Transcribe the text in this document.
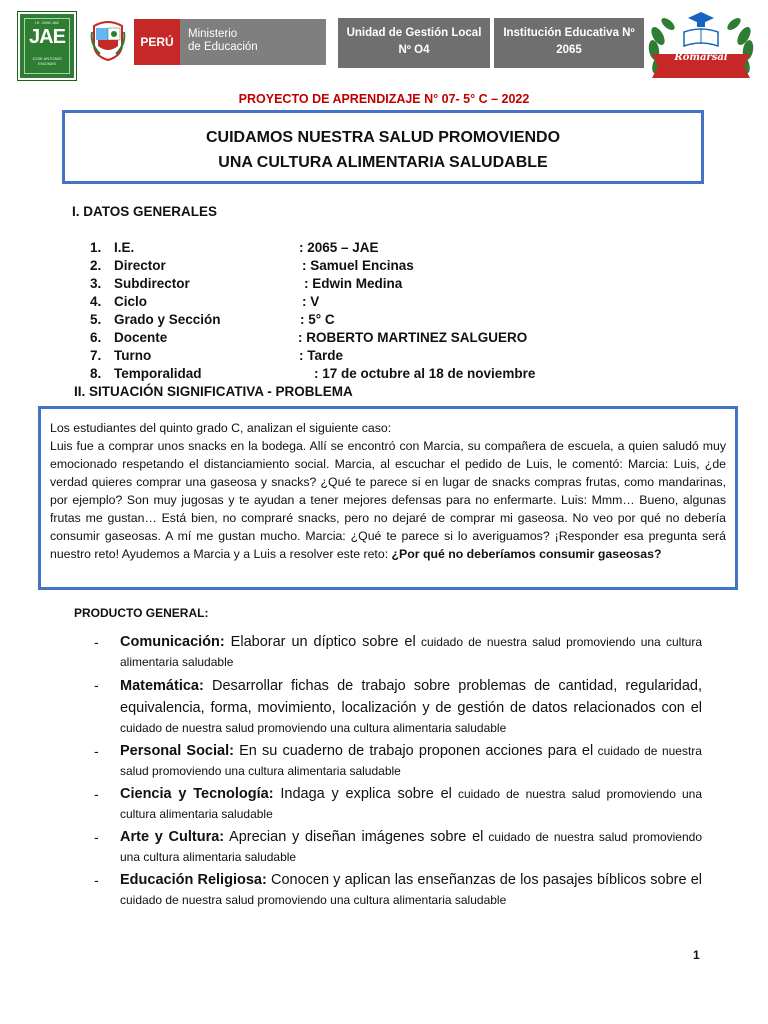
I.E. 2065 JAE
JAE
JOSE ANTONIO ENCINAS
PERÚ
Ministerio
de Educación
Unidad de Gestión Local
Nº O4
Institución Educativa Nº
2065
Romarsal
PROYECTO DE APRENDIZAJE N° 07- 5° C – 2022
CUIDAMOS NUESTRA SALUD PROMOVIENDO
UNA CULTURA ALIMENTARIA SALUDABLE
I. DATOS GENERALES
1. I.E.	: 2065 – JAE
2. Director	: Samuel Encinas
3. Subdirector	: Edwin Medina
4. Ciclo	: V
5. Grado y Sección	: 5° C
6. Docente	: ROBERTO MARTINEZ SALGUERO
7. Turno	: Tarde
8. Temporalidad	: 17 de octubre al 18 de noviembre
II. SITUACIÓN SIGNIFICATIVA - PROBLEMA

Los estudiantes del quinto grado C, analizan el siguiente caso:

Luis fue a comprar unos snacks en la bodega. Allí se encontró con Marcia, su compañera de escuela, a quien saludó muy emocionado respetando el distanciamiento social. Marcia, al escuchar el pedido de Luis, le comentó: Marcia: Luis, ¿de verdad quieres comprar una gaseosa y snacks? ¿Qué te parece si en lugar de snacks compras frutas, como mandarinas, por ejemplo? Son muy jugosas y te ayudan a tener mejores defensas para no enfermarte. Luis: Mmm… Bueno, algunas frutas me gustan… Está bien, no compraré snacks, pero no dejaré de comprar mi gaseosa. No veo por qué no debería consumir gaseosas. A mí me gustan mucho. Marcia: ¿Qué te parece si lo averiguamos? ¡Responder esa pregunta será nuestro reto! Ayudemos a Marcia y a Luis a resolver este reto: ¿Por qué no deberíamos consumir gaseosas?

PRODUCTO GENERAL:
- Comunicación: Elaborar un díptico sobre el cuidado de nuestra salud promoviendo una cultura alimentaria saludable
- Matemática: Desarrollar fichas de trabajo sobre problemas de cantidad, regularidad, equivalencia, forma, movimiento, localización y de gestión de datos relacionados con el cuidado de nuestra salud promoviendo una cultura alimentaria saludable
- Personal Social: En su cuaderno de trabajo proponen acciones para el cuidado de nuestra salud promoviendo una cultura alimentaria saludable
- Ciencia y Tecnología: Indaga y explica sobre el cuidado de nuestra salud promoviendo una cultura alimentaria saludable
- Arte y Cultura: Aprecian y diseñan imágenes sobre el cuidado de nuestra salud promoviendo una cultura alimentaria saludable
- Educación Religiosa: Conocen y aplican las enseñanzas de los pasajes bíblicos sobre el cuidado de nuestra salud promoviendo una cultura alimentaria saludable
1
